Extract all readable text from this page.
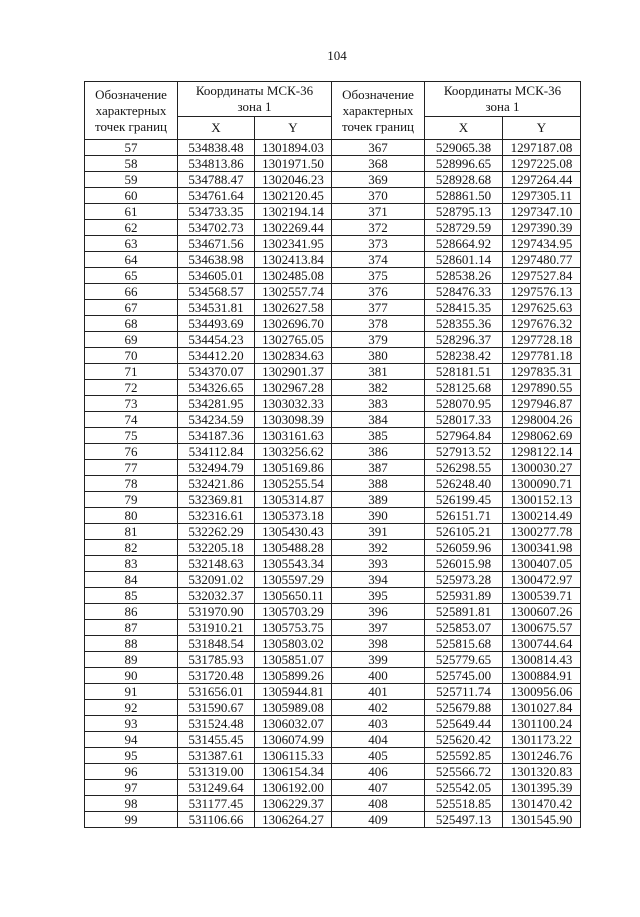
104
Обозначение
характерных
точек границ	Координаты МСК-36
зона 1		Обозначение
характерных
точек границ	Координаты МСК-36
зона 1	

	X	Y		X	Y
57	534838.48	1301894.03	367	529065.38	1297187.08
58	534813.86	1301971.50	368	528996.65	1297225.08
59	534788.47	1302046.23	369	528928.68	1297264.44
60	534761.64	1302120.45	370	528861.50	1297305.11
61	534733.35	1302194.14	371	528795.13	1297347.10
62	534702.73	1302269.44	372	528729.59	1297390.39
63	534671.56	1302341.95	373	528664.92	1297434.95
64	534638.98	1302413.84	374	528601.14	1297480.77
65	534605.01	1302485.08	375	528538.26	1297527.84
66	534568.57	1302557.74	376	528476.33	1297576.13
67	534531.81	1302627.58	377	528415.35	1297625.63
68	534493.69	1302696.70	378	528355.36	1297676.32
69	534454.23	1302765.05	379	528296.37	1297728.18
70	534412.20	1302834.63	380	528238.42	1297781.18
71	534370.07	1302901.37	381	528181.51	1297835.31
72	534326.65	1302967.28	382	528125.68	1297890.55
73	534281.95	1303032.33	383	528070.95	1297946.87
74	534234.59	1303098.39	384	528017.33	1298004.26
75	534187.36	1303161.63	385	527964.84	1298062.69
76	534112.84	1303256.62	386	527913.52	1298122.14
77	532494.79	1305169.86	387	526298.55	1300030.27
78	532421.86	1305255.54	388	526248.40	1300090.71
79	532369.81	1305314.87	389	526199.45	1300152.13
80	532316.61	1305373.18	390	526151.71	1300214.49
81	532262.29	1305430.43	391	526105.21	1300277.78
82	532205.18	1305488.28	392	526059.96	1300341.98
83	532148.63	1305543.34	393	526015.98	1300407.05
84	532091.02	1305597.29	394	525973.28	1300472.97
85	532032.37	1305650.11	395	525931.89	1300539.71
86	531970.90	1305703.29	396	525891.81	1300607.26
87	531910.21	1305753.75	397	525853.07	1300675.57
88	531848.54	1305803.02	398	525815.68	1300744.64
89	531785.93	1305851.07	399	525779.65	1300814.43
90	531720.48	1305899.26	400	525745.00	1300884.91
91	531656.01	1305944.81	401	525711.74	1300956.06
92	531590.67	1305989.08	402	525679.88	1301027.84
93	531524.48	1306032.07	403	525649.44	1301100.24
94	531455.45	1306074.99	404	525620.42	1301173.22
95	531387.61	1306115.33	405	525592.85	1301246.76
96	531319.00	1306154.34	406	525566.72	1301320.83
97	531249.64	1306192.00	407	525542.05	1301395.39
98	531177.45	1306229.37	408	525518.85	1301470.42
99	531106.66	1306264.27	409	525497.13	1301545.90
